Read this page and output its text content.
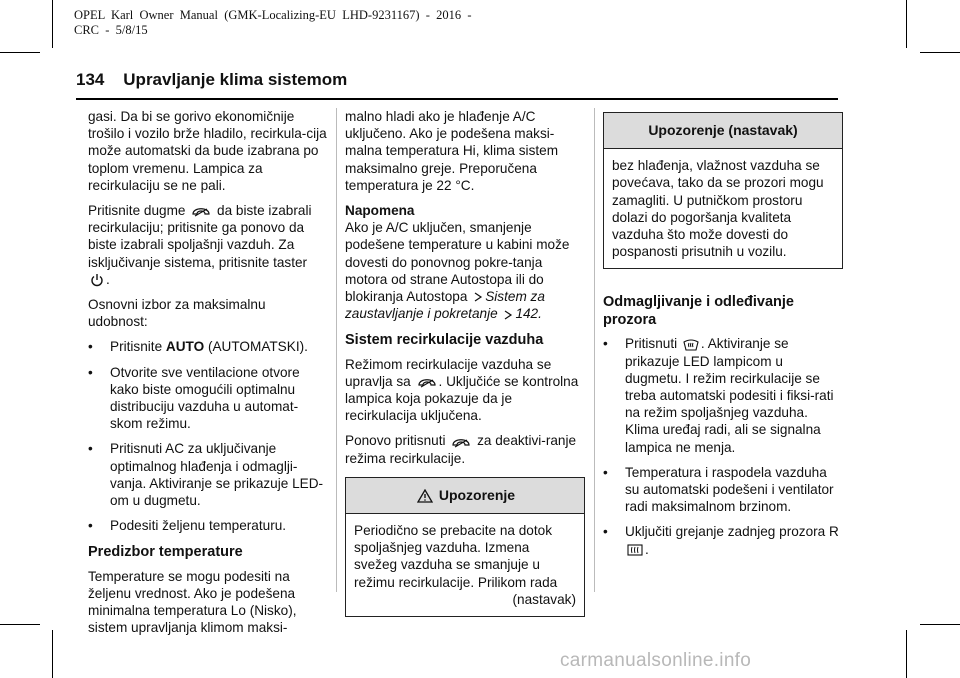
OPEL  Karl  Owner  Manual  (GMK-Localizing-EU  LHD-9231167)  -  2016  -
CRC  -  5/8/15
134 Upravljanje klima sistemom

gasi. Da bi se gorivo ekonomičnije trošilo i vozilo brže hladilo, recirkula-cija može automatski da bude izabrana po toplom vremenu. Lampica za recirkulaciju se ne pali.

Pritisnite dugme da biste izabrali recirkulaciju; pritisnite ga ponovo da biste izabrali spoljašnji vazduh. Za isključivanje sistema, pritisnite taster .

Osnovni izbor za maksimalnu udobnost:

•	Pritisnite AUTO (AUTOMATSKI).
•	Otvorite sve ventilacione otvore kako biste omogućili optimalnu distribuciju vazduha u automat-skom režimu.
•	Pritisnuti AC za uključivanje optimalnog hlađenja i odmaglji-vanja. Aktiviranje se prikazuje LED-om u dugmetu.
•	Podesiti željenu temperaturu.
Predizbor temperature

Temperature se mogu podesiti na željenu vrednost. Ako je podešena minimalna temperatura Lo (Nisko), sistem upravljanja klimom maksi-

malno hladi ako je hlađenje A/C uključeno. Ako je podešena maksi-malna temperatura Hi, klima sistem maksimalno greje. Preporučena temperatura je 22 °C.

Napomena

Ako je A/C uključen, smanjenje podešene temperature u kabini može dovesti do ponovnog pokre-tanja motora od strane Autostopa ili do blokiranja Autostopa Sistem za zaustavljanje i pokretanje 142.

Sistem recirkulacije vazduha

Režimom recirkulacije vazduha se upravlja sa . Uključiće se kontrolna lampica koja pokazuje da je recirkulacija uključena.

Ponovo pritisnuti za deaktivi-ranje režima recirkulacije.

Upozorenje
Periodično se prebacite na dotok spoljašnjeg vazduha. Izmena svežeg vazduha se smanjuje u režimu recirkulacije. Prilikom rada
(nastavak)
Upozorenje (nastavak)
bez hlađenja, vlažnost vazduha se povećava, tako da se prozori mogu zamagliti. U putničkom prostoru dolazi do pogoršanja kvaliteta vazduha što može dovesti do pospanosti prisutnih u vozilu.
Odmagljivanje i odleđivanje prozora
•	Pritisnuti . Aktiviranje se prikazuje LED lampicom u dugmetu. I režim recirkulacije se treba automatski podesiti i fiksi-rati na režim spoljašnjeg vazduha. Klima uređaj radi, ali se signalna lampica ne menja.
•	Temperatura i raspodela vazduha su automatski podešeni i ventilator radi maksimalnom brzinom.
•	Uključiti grejanje zadnjeg prozora R .
carmanualsonline.info
